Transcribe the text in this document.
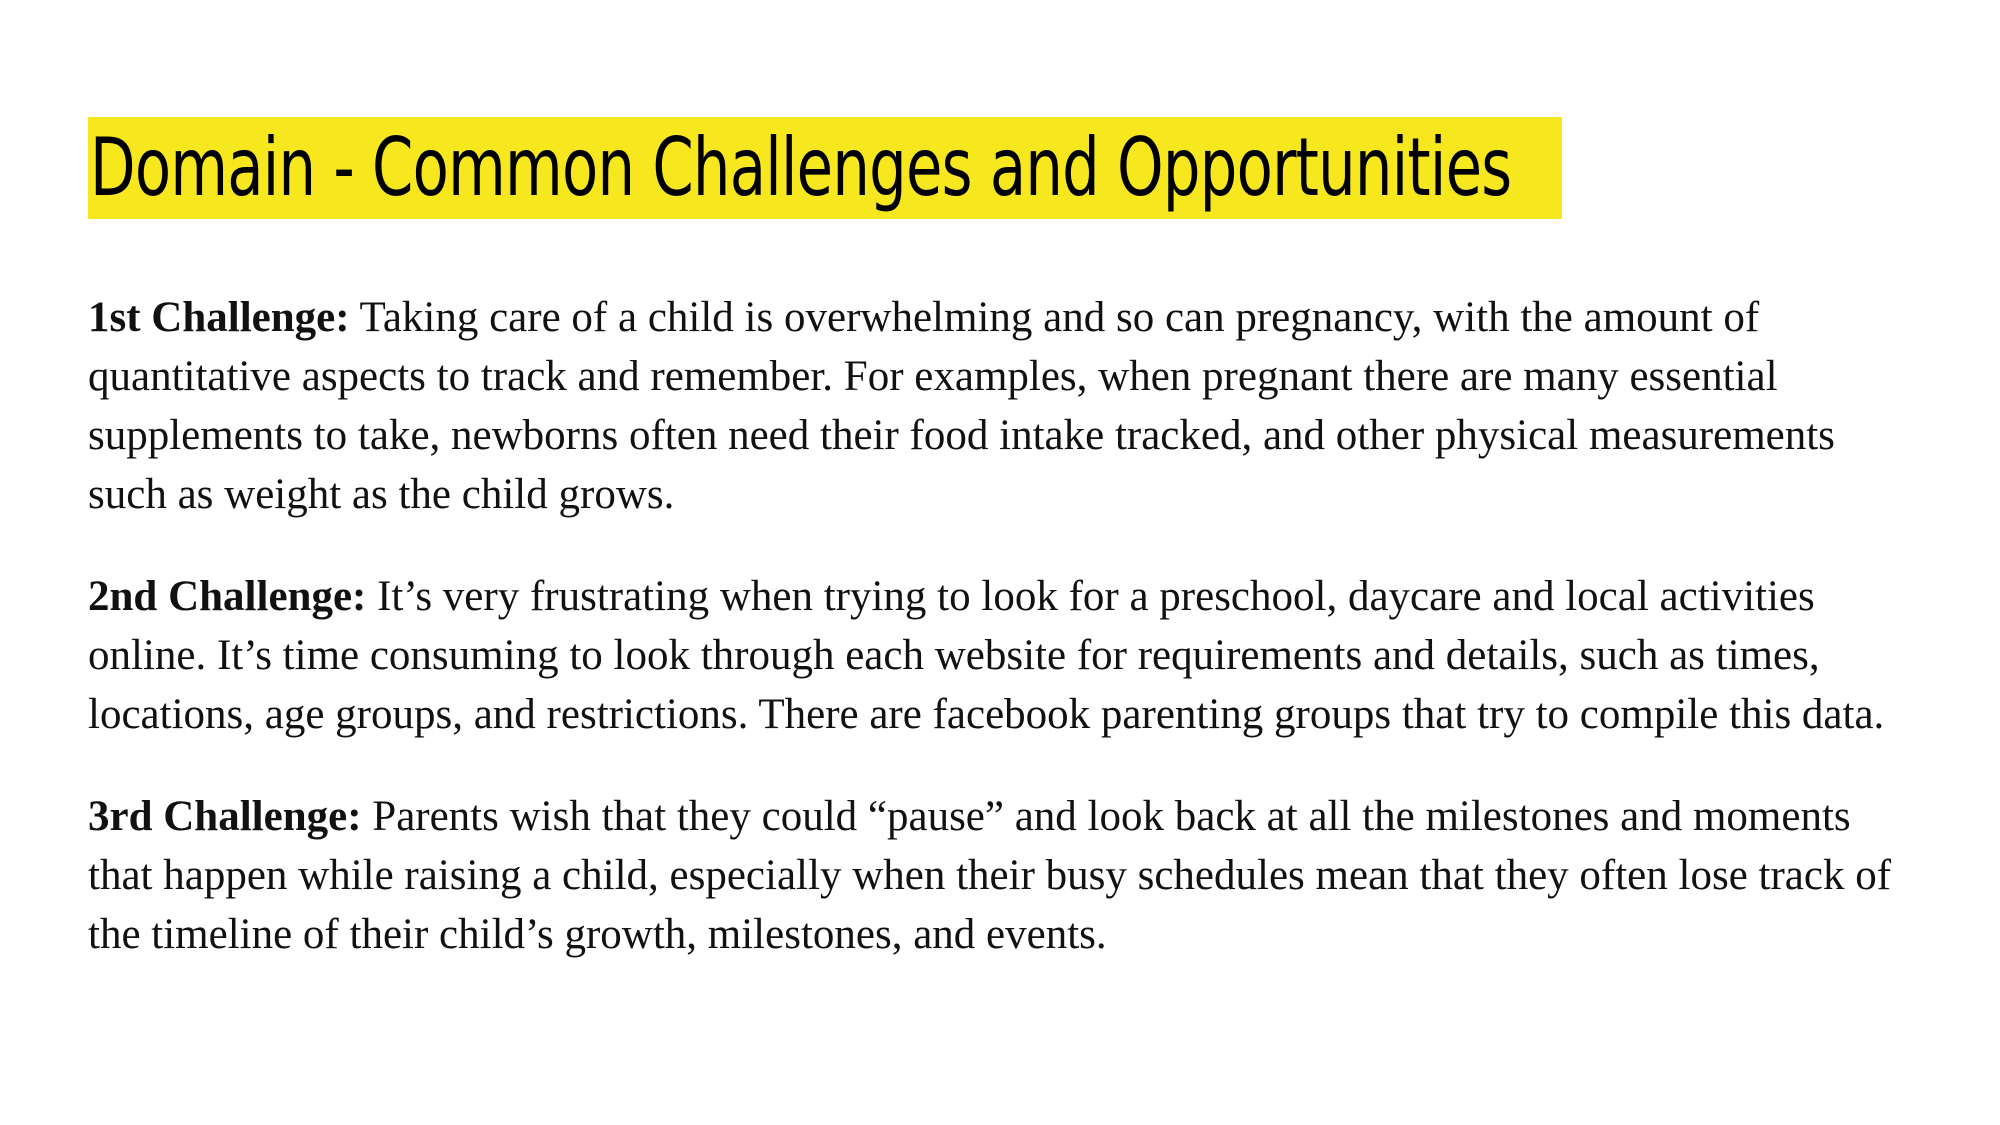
Domain - Common Challenges and Opportunities

1st Challenge: Taking care of a child is overwhelming and so can pregnancy, with the amount of quantitative aspects to track and remember. For examples, when pregnant there are many essential supplements to take, newborns often need their food intake tracked, and other physical measurements such as weight as the child grows.

2nd Challenge: It’s very frustrating when trying to look for a preschool, daycare and local activities online. It’s time consuming to look through each website for requirements and details, such as times, locations, age groups, and restrictions. There are facebook parenting groups that try to compile this data.

3rd Challenge: Parents wish that they could “pause” and look back at all the milestones and moments that happen while raising a child, especially when their busy schedules mean that they often lose track of the timeline of their child’s growth, milestones, and events.
